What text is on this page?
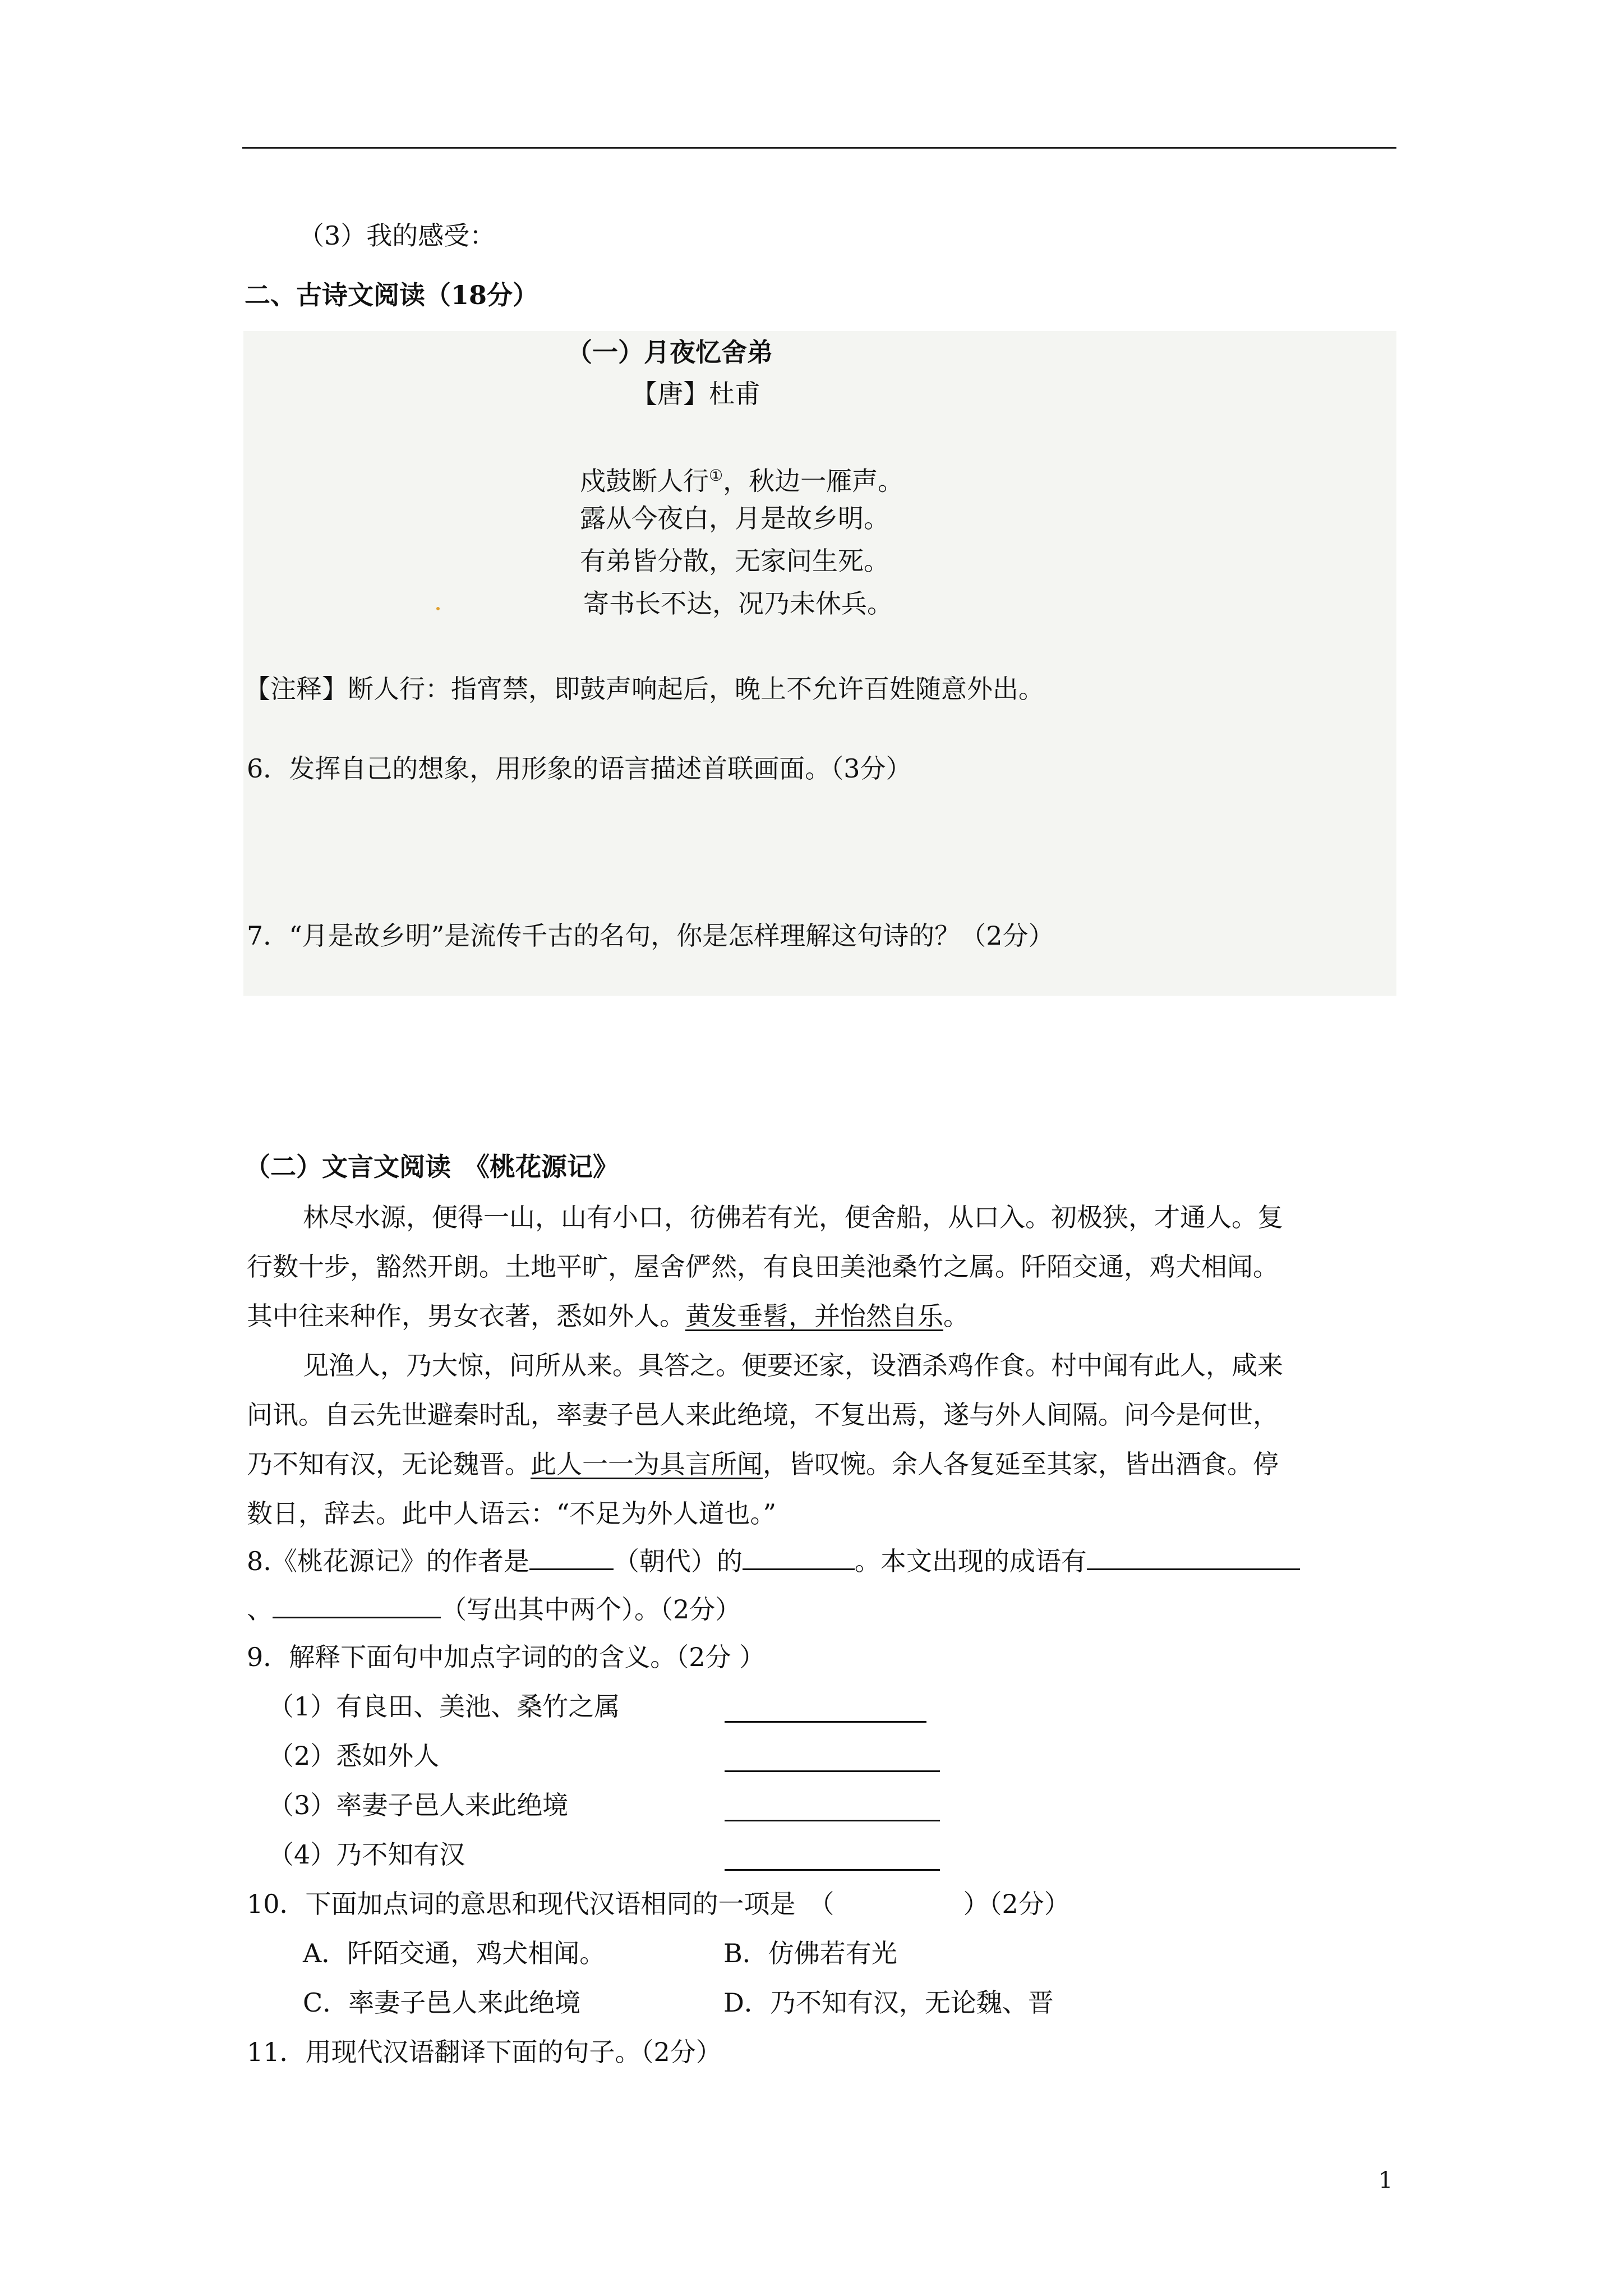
（3）我的感受：
二、古诗文阅读（18分）
（一）月夜忆舍弟
【唐】杜甫
戍鼓断人行①，秋边一雁声。
露从今夜白，月是故乡明。
有弟皆分散，无家问生死。
寄书长不达，况乃未休兵。
【注释】断人行：指宵禁，即鼓声响起后，晚上不允许百姓随意外出。
6．发挥自己的想象，用形象的语言描述首联画面。（3分）
7．“月是故乡明”是流传千古的名句，你是怎样理解这句诗的？（2分）
（二）文言文阅读　《桃花源记》
林尽水源，便得一山，山有小口，彷佛若有光，便舍船，从口入。初极狭，才通人。复
行数十步，豁然开朗。土地平旷，屋舍俨然，有良田美池桑竹之属。阡陌交通，鸡犬相闻。
其中往来种作，男女衣著，悉如外人。黄发垂髫，并怡然自乐。
见渔人，乃大惊，问所从来。具答之。便要还家，设酒杀鸡作食。村中闻有此人，咸来
问讯。自云先世避秦时乱，率妻子邑人来此绝境，不复出焉，遂与外人间隔。问今是何世，
乃不知有汉，无论魏晋。此人一一为具言所闻，皆叹惋。余人各复延至其家，皆出酒食。停
数日，辞去。此中人语云：“不足为外人道也。”
8.《桃花源记》的作者是	（朝代）的	。本文出现的成语有
、	（写出其中两个）。（2分）
9．解释下面句中加点字词的的含义。（2分 ）
（1）有良田、美池、桑竹之属
（2）悉如外人
（3）率妻子邑人来此绝境
（4）乃不知有汉
10．下面加点词的意思和现代汉语相同的一项是　（　　　　　）（2分）
A．阡陌交通，鸡犬相闻。	B．仿佛若有光
C．率妻子邑人来此绝境	D．乃不知有汉，无论魏、晋
11．用现代汉语翻译下面的句子。（2分）
1
